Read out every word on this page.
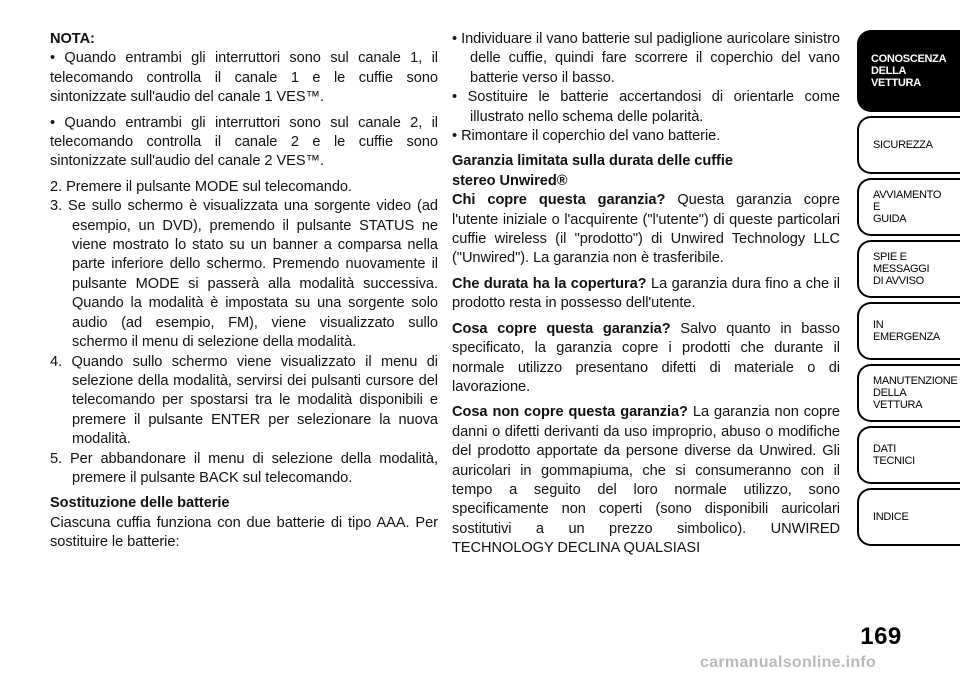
NOTA:

• Quando entrambi gli interruttori sono sul canale 1, il telecomando controlla il canale 1 e le cuffie sono sintonizzate sull'audio del canale 1 VES™.

• Quando entrambi gli interruttori sono sul canale 2, il telecomando controlla il canale 2 e le cuffie sono sintonizzate sull'audio del canale 2 VES™.

2. Premere il pulsante MODE sul telecomando.

3. Se sullo schermo è visualizzata una sorgente video (ad esempio, un DVD), premendo il pulsante STATUS ne viene mostrato lo stato su un banner a comparsa nella parte inferiore dello schermo. Premendo nuovamente il pulsante MODE si passerà alla modalità successiva. Quando la modalità è impostata su una sorgente solo audio (ad esempio, FM), viene visualizzato sullo schermo il menu di selezione della modalità.

4. Quando sullo schermo viene visualizzato il menu di selezione della modalità, servirsi dei pulsanti cursore del telecomando per spostarsi tra le modalità disponibili e premere il pulsante ENTER per selezionare la nuova modalità.

5. Per abbandonare il menu di selezione della modalità, premere il pulsante BACK sul telecomando.

Sostituzione delle batterie

Ciascuna cuffia funziona con due batterie di tipo AAA. Per sostituire le batterie:

• Individuare il vano batterie sul padiglione auricolare sinistro delle cuffie, quindi fare scorrere il coperchio del vano batterie verso il basso.

• Sostituire le batterie accertandosi di orientarle come illustrato nello schema delle polarità.

• Rimontare il coperchio del vano batterie.

Garanzia limitata sulla durata delle cuffie

stereo Unwired®

Chi copre questa garanzia? Questa garanzia copre l'utente iniziale o l'acquirente ("l'utente") di queste particolari cuffie wireless (il "prodotto") di Unwired Technology LLC ("Unwired"). La garanzia non è trasferibile.

Che durata ha la copertura? La garanzia dura fino a che il prodotto resta in possesso dell'utente.

Cosa copre questa garanzia? Salvo quanto in basso specificato, la garanzia copre i prodotti che durante il normale utilizzo presentano difetti di materiale o di lavorazione.

Cosa non copre questa garanzia? La garanzia non copre danni o difetti derivanti da uso improprio, abuso o modifiche del prodotto apportate da persone diverse da Unwired. Gli auricolari in gommapiuma, che si consumeranno con il tempo a seguito del loro normale utilizzo, sono specificamente non coperti (sono disponibili auricolari sostitutivi a un prezzo simbolico). UNWIRED TECHNOLOGY DECLINA QUALSIASI

CONOSCENZA
DELLA
VETTURA
SICUREZZA
AVVIAMENTO
E
GUIDA
SPIE E
MESSAGGI
DI AVVISO
IN
EMERGENZA
MANUTENZIONE
DELLA
VETTURA
DATI
TECNICI
INDICE
169
carmanualsonline.info
